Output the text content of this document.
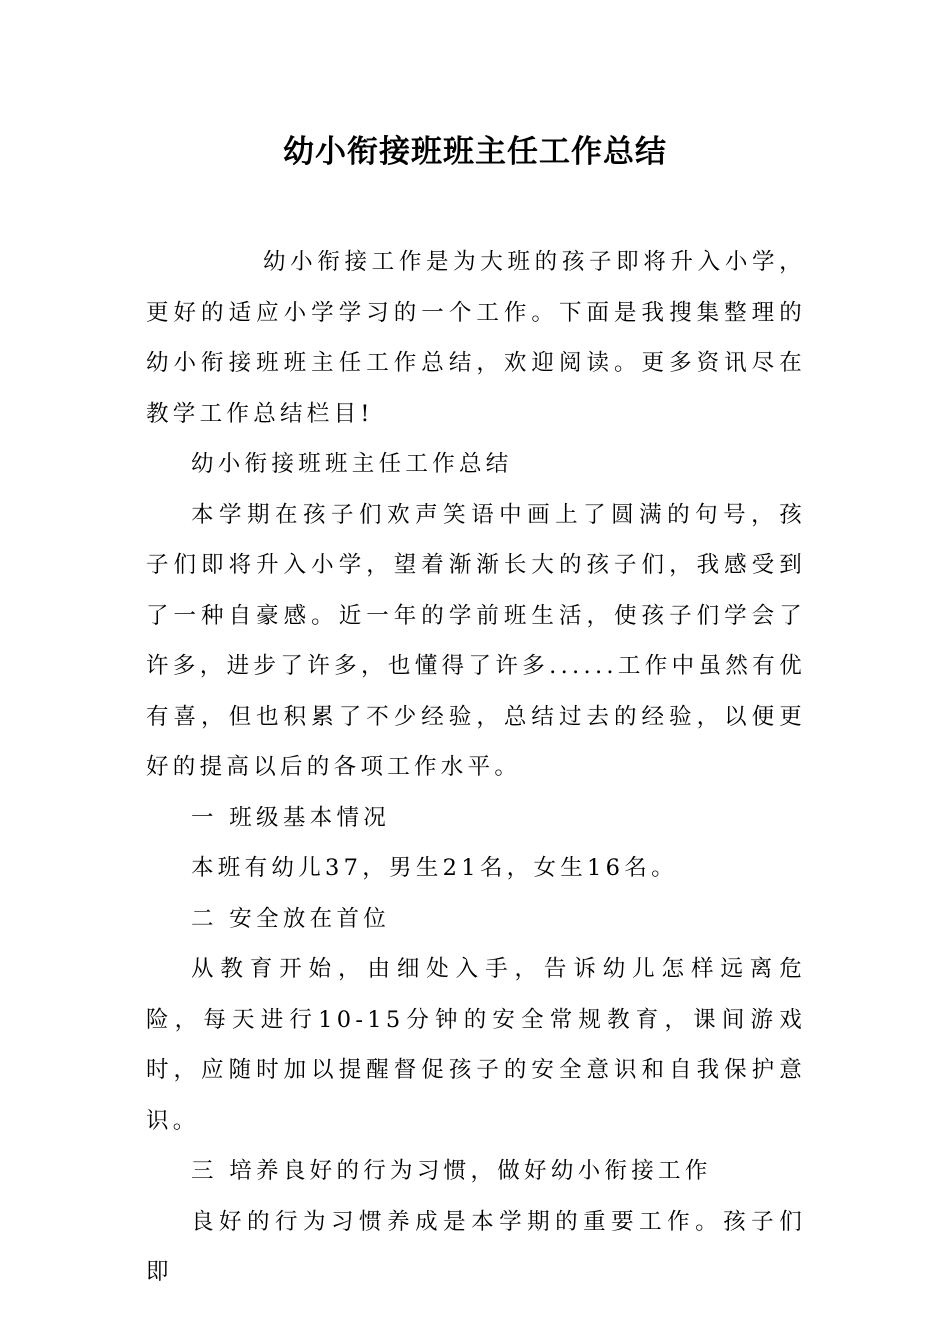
幼小衔接班班主任工作总结

幼小衔接工作是为大班的孩子即将升入小学，更好的适应小学学习的一个工作。下面是我搜集整理的幼小衔接班班主任工作总结，欢迎阅读。更多资讯尽在教学工作总结栏目!

幼小衔接班班主任工作总结

本学期在孩子们欢声笑语中画上了圆满的句号，孩子们即将升入小学，望着渐渐长大的孩子们，我感受到了一种自豪感。近一年的学前班生活，使孩子们学会了许多，进步了许多，也懂得了许多......工作中虽然有优有喜，但也积累了不少经验，总结过去的经验，以便更好的提高以后的各项工作水平。

一 班级基本情况

本班有幼儿37，男生21名，女生16名。

二 安全放在首位

从教育开始，由细处入手，告诉幼儿怎样远离危险，每天进行10-15分钟的安全常规教育，课间游戏时，应随时加以提醒督促孩子的安全意识和自我保护意识。

三 培养良好的行为习惯，做好幼小衔接工作

良好的行为习惯养成是本学期的重要工作。孩子们即
